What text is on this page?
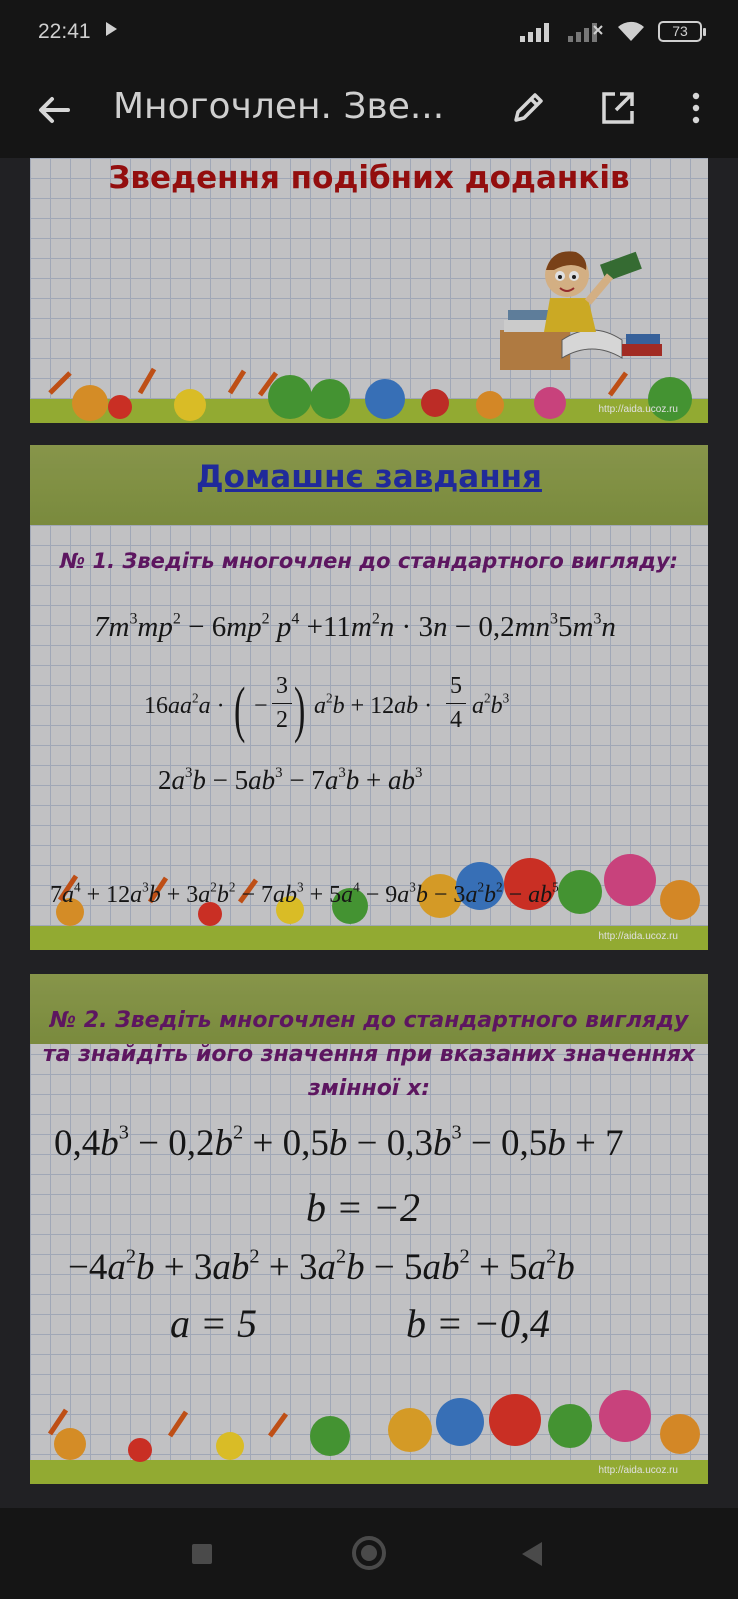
22:41	73
Многочлен. Зве...
Зведення подібних доданків
http://aida.ucoz.ru
Домашнє завдання
№ 1. Зведіть многочлен до стандартного вигляду:
$7m^3mp^2 - 6mp^2$ $p^4 +11m^2n \cdot 3n - 0,2mn^35m^3n$
$16aa^2a$ · ( −
3
2 ) $a^2b + 12ab$ ·
5
4
$a^2b^3$
$2a^3b - 5ab^3 - 7a^3b + ab^3$
$7a^4 + 12a^3b + 3a^2b^2 - 7ab^3 + 5a^4 - 9a^3b - 3a^2b^2 - ab^5$
http://aida.ucoz.ru
№ 2. Зведіть многочлен до стандартного вигляду та знайдіть його значення при вказаних значеннях змінної х:
$0,4b^3 - 0,2b^2 + 0,5b - 0,3b^3 - 0,5b + 7$
b = −2
$-4a^2b + 3ab^2 + 3a^2b - 5ab^2 + 5a^2b$
a = 5	b = −0,4
http://aida.ucoz.ru
